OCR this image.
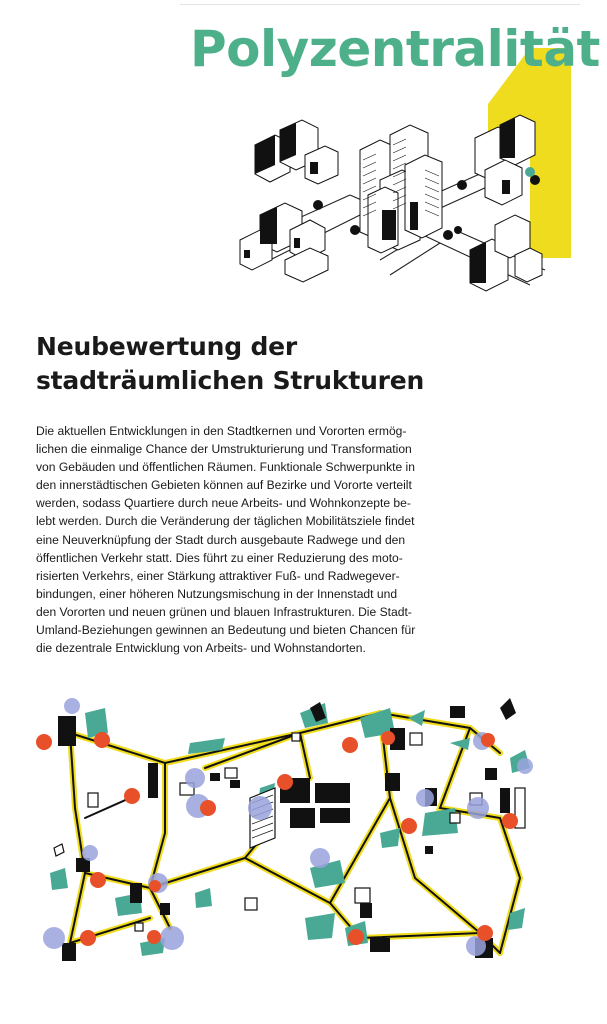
Polyzentralität
Neubewertung der
stadträumlichen Strukturen

Die aktuellen Entwicklungen in den Stadtkernen und Vororten ermög-
lichen die einmalige Chance der Umstrukturierung und Transformation
von Gebäuden und öffentlichen Räumen. Funktionale Schwerpunkte in
den innerstädtischen Gebieten können auf Bezirke und Vororte verteilt
werden, sodass Quartiere durch neue Arbeits- und Wohnkonzepte be-
lebt werden. Durch die Veränderung der täglichen Mobilitätsziele findet
eine Neuverknüpfung der Stadt durch ausgebaute Radwege und den
öffentlichen Verkehr statt. Dies führt zu einer Reduzierung des moto-
risierten Verkehrs, einer Stärkung attraktiver Fuß- und Radwegever-
bindungen, einer höheren Nutzungsmischung in der Innenstadt und
den Vororten und neuen grünen und blauen Infrastrukturen. Die Stadt-
Umland-Beziehungen gewinnen an Bedeutung und bieten Chancen für
die dezentrale Entwicklung von Arbeits- und Wohnstandorten.
